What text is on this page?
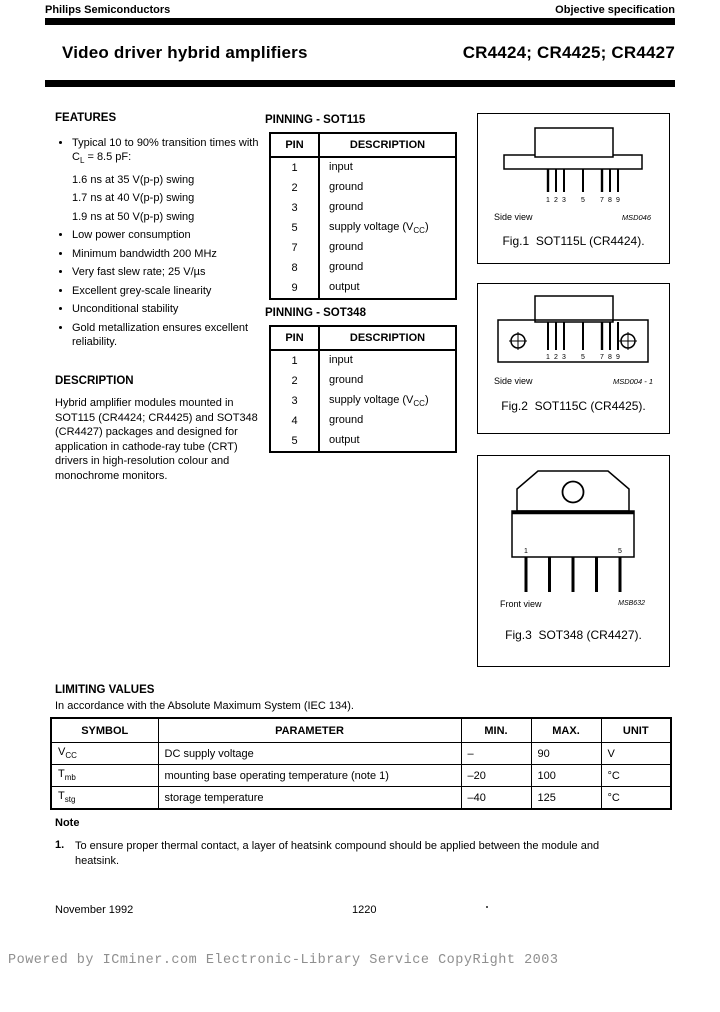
Philips Semiconductors	Objective specification
Video driver hybrid amplifiers	CR4424; CR4425; CR4427
FEATURES
• Typical 10 to 90% transition times with $C_L = 8.5$ pF:
1.6 ns at 35 V(p-p) swing
1.7 ns at 40 V(p-p) swing
1.9 ns at 50 V(p-p) swing
• Low power consumption
• Minimum bandwidth 200 MHz
• Very fast slew rate; 25 V/µs
• Excellent grey-scale linearity
• Unconditional stability
• Gold metallization ensures excellent reliability.
DESCRIPTION
Hybrid amplifier modules mounted in SOT115 (CR4424; CR4425) and SOT348 (CR4427) packages and designed for application in cathode-ray tube (CRT) drivers in high-resolution colour and monochrome monitors.
PINNING - SOT115
PIN	DESCRIPTION
1	input
2	ground
3	ground
5	supply voltage $(V_{CC})$
7	ground
8	ground
9	output
PINNING - SOT348
PIN	DESCRIPTION
1	input
2	ground
3	supply voltage $(V_{CC})$
4	ground
5	output
1 2 3 5 7 8 9
Side view	MSD046
Fig.1  SOT115L (CR4424).
1 2 3 5 7 8 9
Side view	MSD004 - 1
Fig.2  SOT115C (CR4425).
1	5
Front view	MSB632
Fig.3  SOT348 (CR4427).
LIMITING VALUES
In accordance with the Absolute Maximum System (IEC 134).
SYMBOL	PARAMETER	MIN.	MAX.	UNIT
$V_{CC}$	DC supply voltage	–	90	V
$T_{mb}$	mounting base operating temperature (note 1)	–20	100	°C
$T_{stg}$	storage temperature	–40	125	°C
Note
1. To ensure proper thermal contact, a layer of heatsink compound should be applied between the module and heatsink.
November 1992	1220
Powered by ICminer.com Electronic-Library Service CopyRight 2003
